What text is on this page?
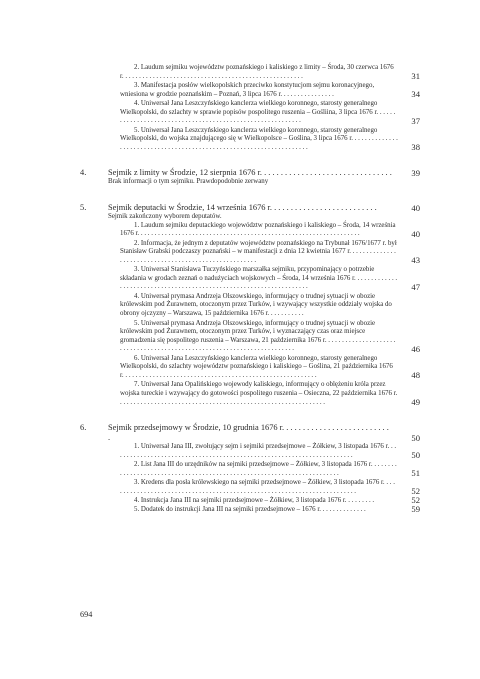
2. Laudum sejmiku województw poznańskiego i kaliskiego z limity – Środa, 30 czerwca 1676 r. . . . . . . . . . . . . . . . . . . . . . . . . . . . . . . . . . . . . . . . . . . . . . . . . . . . .	31
3. Manifestacja posłów wielkopolskich przeciwko konstytucjom sejmu koronacyjnego, wniesiona w grodzie poznańskim – Poznań, 3 lipca 1676 r. . . . . . . . . . . . . . . .	34
4. Uniwersał Jana Leszczyńskiego kanclerza wielkiego koronnego, starosty generalnego Wielkopolski, do szlachty w sprawie popisów pospolitego ruszenia – Gośliina, 3 lipca 1676 r. . . . . . . . . . . . . . . . . . . . . . . . . . . . . . . . . . . . . . . . . . . . . . . . . . . . . . . . . . .	37
5. Uniwersał Jana Leszczyńskiego kanclerza wielkiego koronnego, starosty generalnego Wielkopolski, do wojska znajdującego się w Wielkopolsce – Goślina, 3 lipca 1676 r. . . . . . . . . . . . . . . . . . . . . . . . . . . . . . . . . . . . . . . . . . . . . . . . . . . . . . . . . . . . . . . . . . . . .	38
4.	Sejmik z limity w Środzie, 12 sierpnia 1676 r. . . . . . . . . . . . . . . . . . . . . . . . . . . . . . . .	39
Brak informacji o tym sejmiku. Prawdopodobnie zerwany
5.	Sejmik deputacki w Środzie, 14 września 1676 r. . . . . . . . . . . . . . . . . . . . . . . . . .	40
Sejmik zakończony wyborem deputatów.
1. Laudum sejmiku deputackiego województw poznańskiego i kaliskiego – Środa, 14 września 1676 r. . . . . . . . . . . . . . . . . . . . . . . . . . . . . . . . . . . . . . . . . . . . . . . . . . . . . . . . . . . . . . . . .	40
2. Informacja, że jednym z deputatów województw poznańskiego na Trybunał 1676/1677 r. był Stanisław Grabski podczaszy poznański – w manifestacji z dnia 12 kwietnia 1677 r. . . . . . . . . . . . . . . . . . . . . . . . . . . . . . . . . . . . . . . . . . . . . . . . . . . . . .	43
3. Uniwersał Stanisława Tuczyńskiego marszałka sejmiku, przypominający o potrzebie składania w grodach zeznań o nadużyciach wojskowych – Środa, 14 września 1676 r. . . . . . . . . . . . . . . . . . . . . . . . . . . . . . . . . . . . . . . . . . . . . . . . . . . . . . . . . . . . . . . . . . . .	47
4. Uniwersał prymasa Andrzeja Olszowskiego, informujący o trudnej sytuacji w obozie królewskim pod Żurawnem, otoczonym przez Turków, i wzywający wszystkie oddziały wojska do obrony ojczyzny – Warszawa, 15 października 1676 r. . . . . . . . . . .
5. Uniwersał prymasa Andrzeja Olszowskiego, informujący o trudnej sytuacji w obozie królewskim pod Żurawnem, otoczonym przez Turków, i wyznaczający czas oraz miejsce gromadzenia się pospolitego ruszenia – Warszawa, 21 października 1676 r. . . . . . . . . . . . . . . . . . . . . . . . . . . . . . . . . . . . . . . . . . . . . . . . . . . . . . . . . . . . . . . . . . . . . . . .	46
6. Uniwersał Jana Leszczyńskiego kanclerza wielkiego koronnego, starosty generalnego Wielkopolski, do szlachty województw poznańskiego i kaliskiego – Goślina, 21 października 1676 r. . . . . . . . . . . . . . . . . . . . . . . . . . . . . . . . . . . . . . . . . . . . . . . . . . . . . . . . .	48
7. Uniwersał Jana Opalińskiego wojewody kaliskiego, informujący o oblężeniu króla przez wojska tureckie i wzywający do gotowości pospolitego ruszenia – Osieczna, 22 października 1676 r. . . . . . . . . . . . . . . . . . . . . . . . . . . . . . . . . . . . . . . . . . . . . . . . . . . . . . . . . . . . .	49
6.	Sejmik przedsejmowy w Środzie, 10 grudnia 1676 r. . . . . . . . . . . . . . . . . . . . . . . . . . .	50
1. Uniwersał Jana III, zwołujący sejm i sejmiki przedsejmowe – Żółkiew, 3 listopada 1676 r. . . . . . . . . . . . . . . . . . . . . . . . . . . . . . . . . . . . . . . . . . . . . . . . . . . . . . . . . . . . . . . . . . . . . . .	50
2. List Jana III do urzędników na sejmiki przedsejmowe – Żółkiew, 3 listopada 1676 r. . . . . . . . . . . . . . . . . . . . . . . . . . . . . . . . . . . . . . . . . . . . . . . . . . . . . . . . . . . . . . . . . . . . . . . .	51
3. Kredens dla posła królewskiego na sejmiki przedsejmowe – Żółkiew, 3 listopada 1676 r. . . . . . . . . . . . . . . . . . . . . . . . . . . . . . . . . . . . . . . . . . . . . . . . . . . . . . . . . . . . . . . . . . . . . . . . .	52
4. Instrukcja Jana III na sejmiki przedsejmowe – Żółkiew, 3 listopada 1676 r. . . . . . . . .	52
5. Dodatek do instrukcji Jana III na sejmiki przedsejmowe – 1676 r. . . . . . . . . . . . . .	59
694
